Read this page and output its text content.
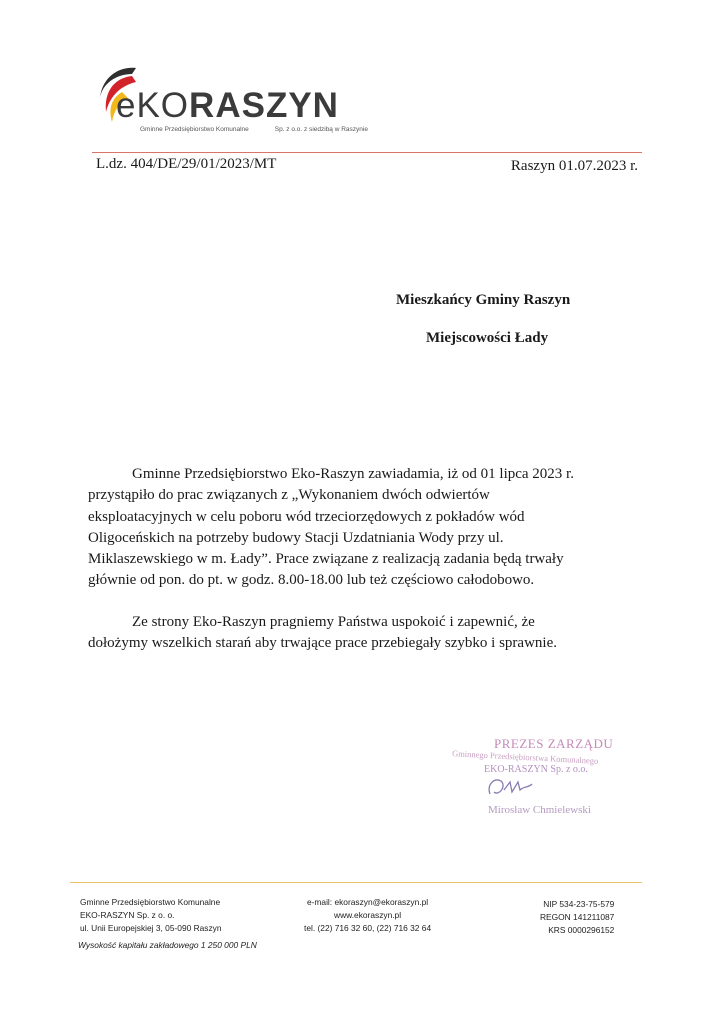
eKORASZYN
Gminne Przedsiębiorstwo Komunalne	Sp. z o.o. z siedzibą w Raszynie
L.dz. 404/DE/29/01/2023/MT	Raszyn 01.07.2023 r.
Mieszkańcy Gminy Raszyn
Miejscowości Łady
Gminne Przedsiębiorstwo Eko-Raszyn zawiadamia, iż od 01 lipca 2023 r.
przystąpiło do prac związanych z „Wykonaniem dwóch odwiertów
eksploatacyjnych w celu poboru wód trzeciorzędowych z pokładów wód
Oligoceńskich na potrzeby budowy Stacji Uzdatniania Wody przy ul.
Miklaszewskiego w m. Łady”. Prace związane z realizacją zadania będą trwały
głównie od pon. do pt. w godz. 8.00-18.00 lub też częściowo całodobowo.
Ze strony Eko-Raszyn pragniemy Państwa uspokoić i zapewnić, że
dołożymy wszelkich starań aby trwające prace przebiegały szybko i sprawnie.
PREZES ZARZĄDU
Gminnego Przedsiębiorstwa Komunalnego
EKO-RASZYN Sp. z o.o.
Mirosław Chmielewski
Gminne Przedsiębiorstwo Komunalne
EKO-RASZYN Sp. z o. o.
ul. Unii Europejskiej 3, 05-090 Raszyn
Wysokość kapitału zakładowego 1 250 000 PLN
e-mail: ekoraszyn@ekoraszyn.pl
www.ekoraszyn.pl
tel. (22) 716 32 60, (22) 716 32 64
NIP 534-23-75-579
REGON 141211087
KRS 0000296152
